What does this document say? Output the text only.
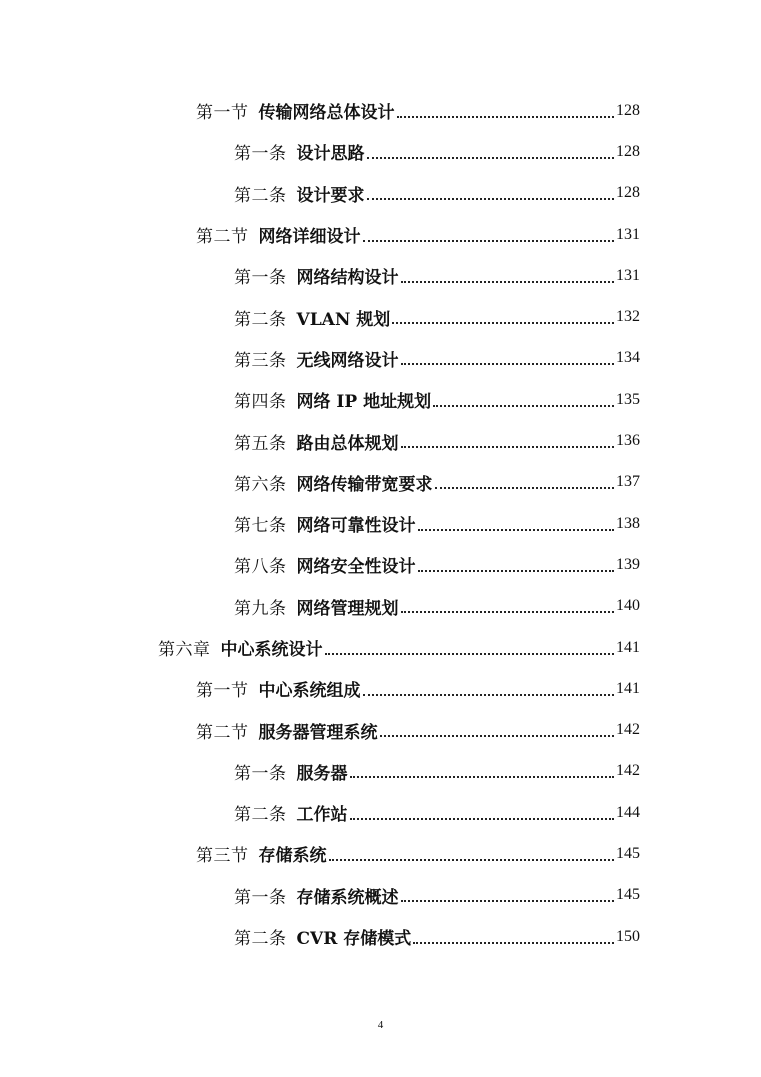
第一节 传输网络总体设计	128
第一条 设计思路	128
第二条 设计要求	128
第二节 网络详细设计	131
第一条 网络结构设计	131
第二条 VLAN 规划	132
第三条 无线网络设计	134
第四条 网络 IP 地址规划	135
第五条 路由总体规划	136
第六条 网络传输带宽要求	137
第七条 网络可靠性设计	138
第八条 网络安全性设计	139
第九条 网络管理规划	140
第六章 中心系统设计	141
第一节 中心系统组成	141
第二节 服务器管理系统	142
第一条 服务器	142
第二条 工作站	144
第三节 存储系统	145
第一条 存储系统概述	145
第二条 CVR 存储模式	150
4
